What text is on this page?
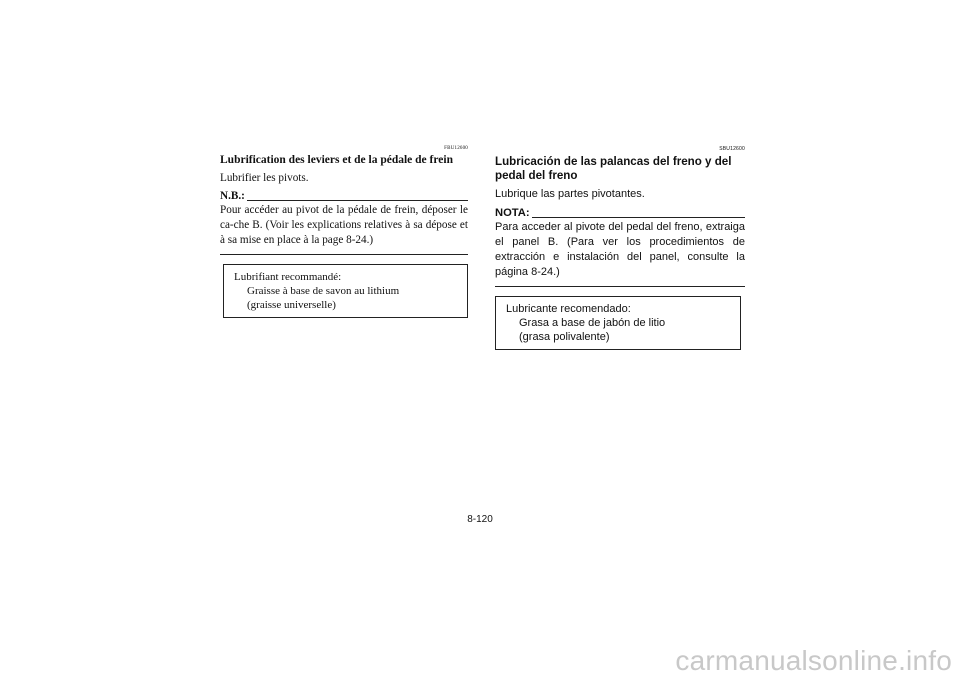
FBU12600
Lubrification des leviers et de la pédale de frein
Lubrifier les pivots.
N.B.:
Pour accéder au pivot de la pédale de frein, déposer le ca-che B. (Voir les explications relatives à sa dépose et à sa mise en place à la page 8-24.)
Lubrifiant recommandé:
Graisse à base de savon au lithium
(graisse universelle)
SBU12600
Lubricación de las palancas del freno y del pedal del freno
Lubrique las partes pivotantes.
NOTA:
Para acceder al pivote del pedal del freno, extraiga el panel B. (Para ver los procedimientos de extracción e instalación del panel, consulte la página 8-24.)
Lubricante recomendado:
Grasa a base de jabón de litio
(grasa polivalente)
8-120
carmanualsonline.info
